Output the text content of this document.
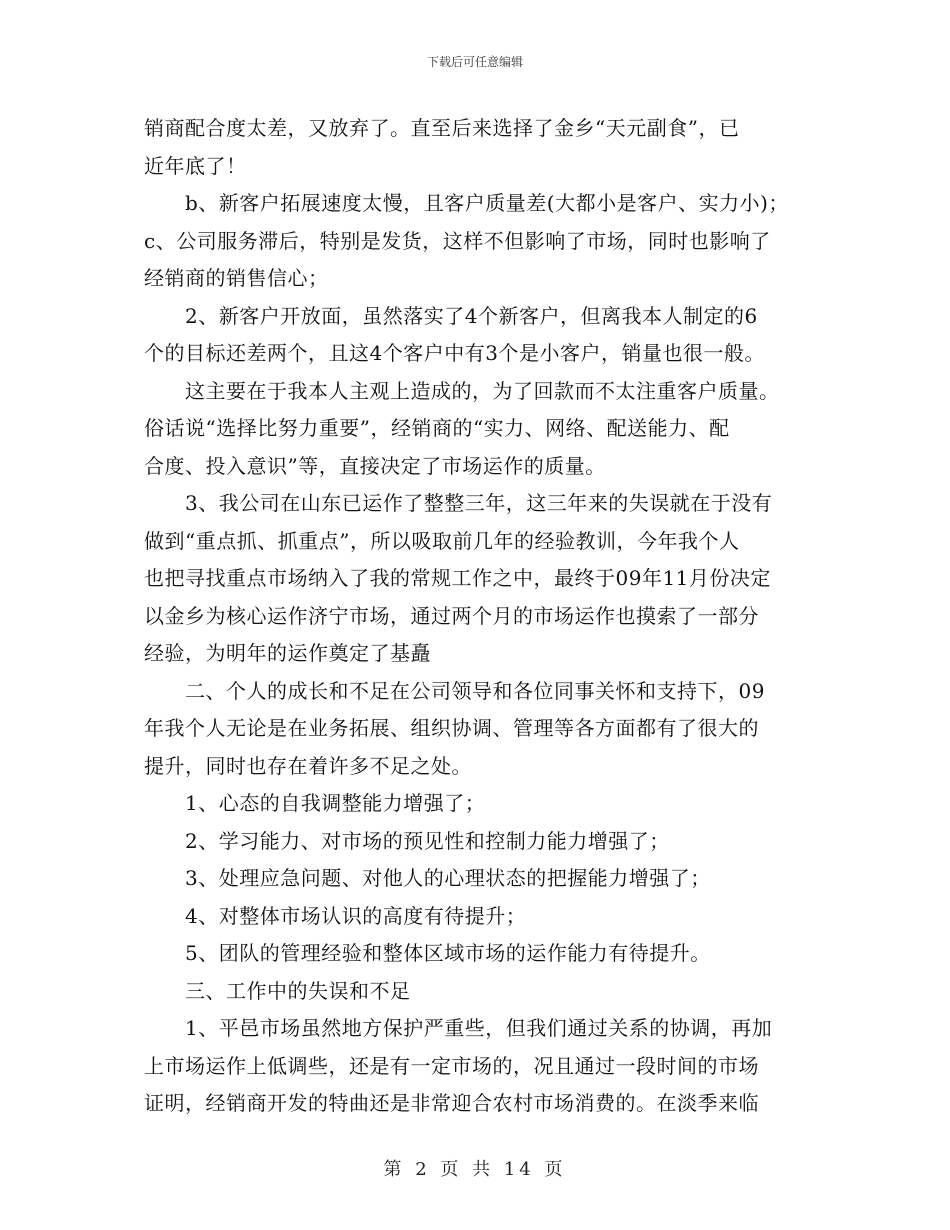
下载后可任意编辑
销商配合度太差，又放弃了。直至后来选择了金乡“天元副食”，已
近年底了！
　　b、新客户拓展速度太慢，且客户质量差(大都小是客户、实力小)；
c、公司服务滞后，特别是发货，这样不但影响了市场，同时也影响了
经销商的销售信心；
　　2、新客户开放面，虽然落实了4个新客户，但离我本人制定的6
个的目标还差两个，且这4个客户中有3个是小客户，销量也很一般。
　　这主要在于我本人主观上造成的，为了回款而不太注重客户质量。
俗话说“选择比努力重要”，经销商的“实力、网络、配送能力、配
合度、投入意识”等，直接决定了市场运作的质量。
　　3、我公司在山东已运作了整整三年，这三年来的失误就在于没有
做到“重点抓、抓重点”，所以吸取前几年的经验教训，今年我个人
也把寻找重点市场纳入了我的常规工作之中，最终于09年11月份决定
以金乡为核心运作济宁市场，通过两个月的市场运作也摸索了一部分
经验，为明年的运作奠定了基矗
　　二、个人的成长和不足在公司领导和各位同事关怀和支持下，09
年我个人无论是在业务拓展、组织协调、管理等各方面都有了很大的
提升，同时也存在着许多不足之处。
　　1、心态的自我调整能力增强了；
　　2、学习能力、对市场的预见性和控制力能力增强了；
　　3、处理应急问题、对他人的心理状态的把握能力增强了；
　　4、对整体市场认识的高度有待提升；
　　5、团队的管理经验和整体区域市场的运作能力有待提升。
　　三、工作中的失误和不足
　　1、平邑市场虽然地方保护严重些，但我们通过关系的协调，再加
上市场运作上低调些，还是有一定市场的，况且通过一段时间的市场
证明，经销商开发的特曲还是非常迎合农村市场消费的。在淡季来临
第 2 页 共 14 页
